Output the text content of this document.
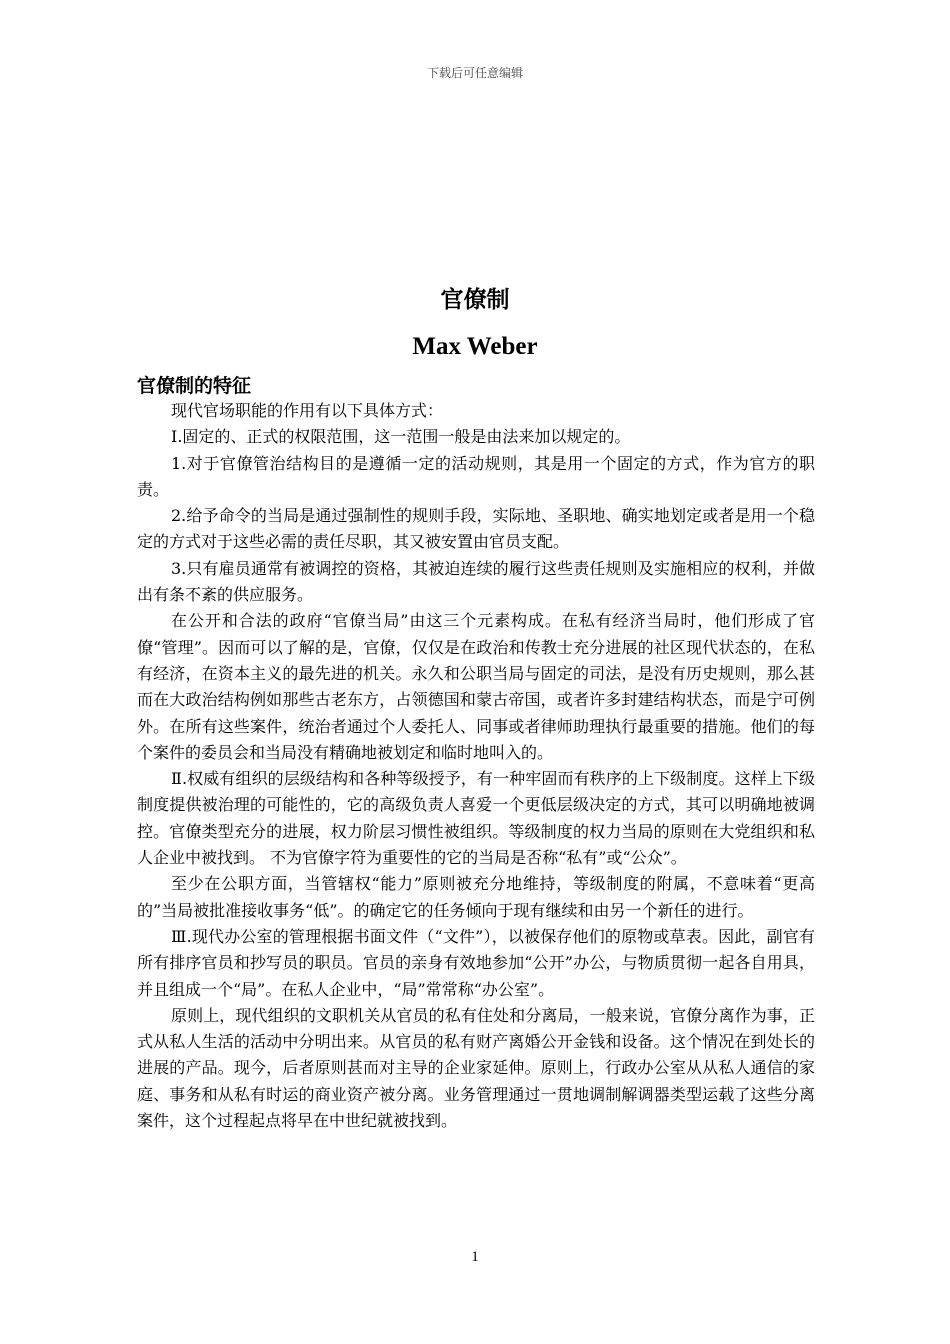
下载后可任意编辑
官僚制
Max Weber
官僚制的特征

现代官场职能的作用有以下具体方式：

Ⅰ.固定的、正式的权限范围，这一范围一般是由法来加以规定的。

1.对于官僚管治结构目的是遵循一定的活动规则，其是用一个固定的方式，作为官方的职责。

2.给予命令的当局是通过强制性的规则手段，实际地、圣职地、确实地划定或者是用一个稳定的方式对于这些必需的责任尽职，其又被安置由官员支配。

3.只有雇员通常有被调控的资格，其被迫连续的履行这些责任规则及实施相应的权利，并做出有条不紊的供应服务。

在公开和合法的政府“官僚当局”由这三个元素构成。在私有经济当局时，他们形成了官僚“管理”。因而可以了解的是，官僚，仅仅是在政治和传教士充分进展的社区现代状态的，在私有经济，在资本主义的最先进的机关。永久和公职当局与固定的司法，是没有历史规则，那么甚而在大政治结构例如那些古老东方，占领德国和蒙古帝国，或者许多封建结构状态，而是宁可例外。在所有这些案件，统治者通过个人委托人、同事或者律师助理执行最重要的措施。他们的每个案件的委员会和当局没有精确地被划定和临时地叫入的。

Ⅱ.权威有组织的层级结构和各种等级授予，有一种牢固而有秩序的上下级制度。这样上下级制度提供被治理的可能性的，它的高级负责人喜爱一个更低层级决定的方式，其可以明确地被调控。官僚类型充分的进展，权力阶层习惯性被组织。等级制度的权力当局的原则在大党组织和私人企业中被找到。 不为官僚字符为重要性的它的当局是否称“私有”或“公众”。

至少在公职方面，当管辖权“能力”原则被充分地维持，等级制度的附属，不意味着“更高的”当局被批准接收事务“低”。的确定它的任务倾向于现有继续和由另一个新任的进行。

Ⅲ.现代办公室的管理根据书面文件（“文件”），以被保存他们的原物或草表。因此，副官有所有排序官员和抄写员的职员。官员的亲身有效地参加“公开”办公，与物质贯彻一起各自用具，并且组成一个“局”。在私人企业中，“局”常常称“办公室”。

原则上，现代组织的文职机关从官员的私有住处和分离局，一般来说，官僚分离作为事，正式从私人生活的活动中分明出来。从官员的私有财产离婚公开金钱和设备。这个情况在到处长的进展的产品。现今，后者原则甚而对主导的企业家延伸。原则上，行政办公室从从私人通信的家庭、事务和从私有时运的商业资产被分离。业务管理通过一贯地调制解调器类型运载了这些分离案件，这个过程起点将早在中世纪就被找到。

1
